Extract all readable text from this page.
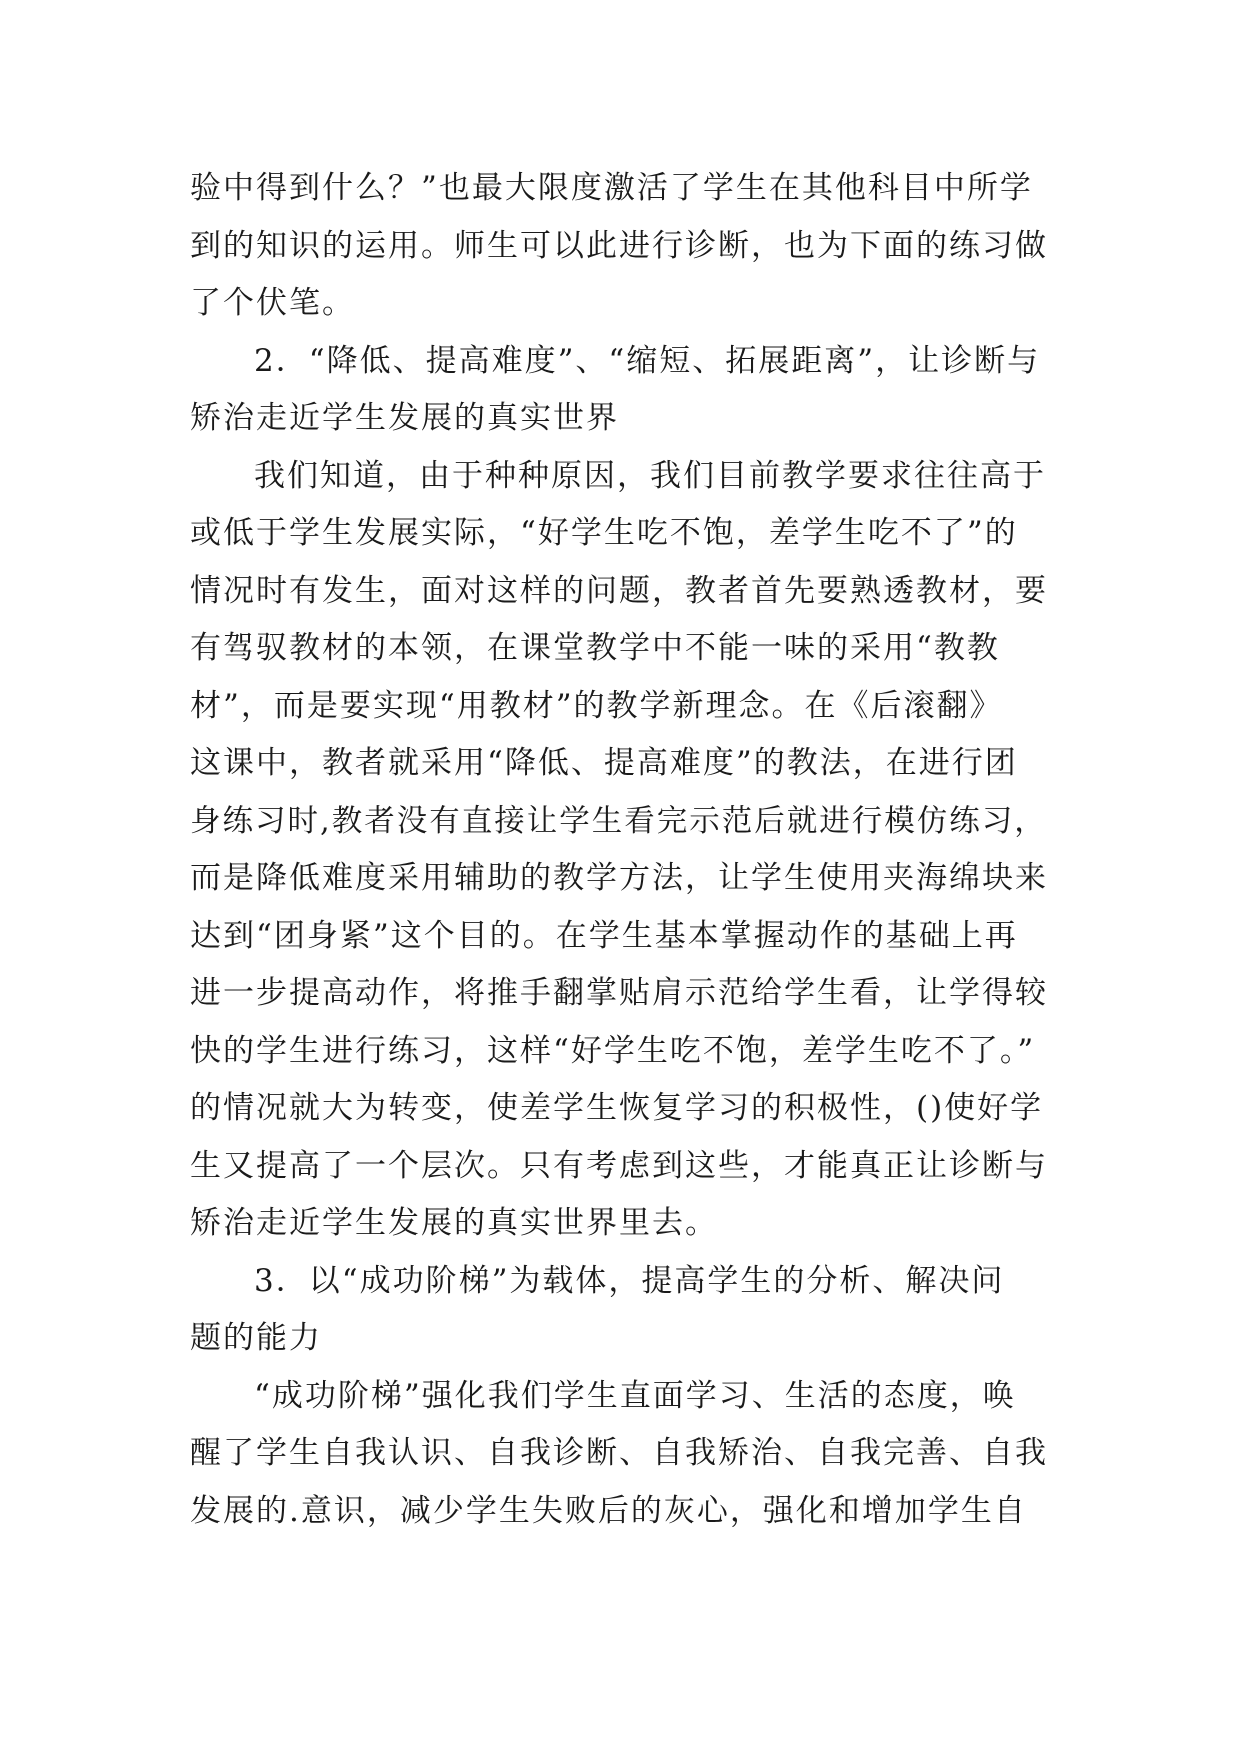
验中得到什么？”也最大限度激活了学生在其他科目中所学
到的知识的运用。师生可以此进行诊断，也为下面的练习做
了个伏笔。
2．“降低、提高难度”、“缩短、拓展距离”，让诊断与
矫治走近学生发展的真实世界
我们知道，由于种种原因，我们目前教学要求往往高于
或低于学生发展实际，“好学生吃不饱，差学生吃不了”的
情况时有发生，面对这样的问题，教者首先要熟透教材，要
有驾驭教材的本领，在课堂教学中不能一味的采用“教教
材”，而是要实现“用教材”的教学新理念。在《后滚翻》
这课中，教者就采用“降低、提高难度”的教法，在进行团
身练习时,教者没有直接让学生看完示范后就进行模仿练习，
而是降低难度采用辅助的教学方法，让学生使用夹海绵块来
达到“团身紧”这个目的。在学生基本掌握动作的基础上再
进一步提高动作，将推手翻掌贴肩示范给学生看，让学得较
快的学生进行练习，这样“好学生吃不饱，差学生吃不了。”
的情况就大为转变，使差学生恢复学习的积极性，()使好学
生又提高了一个层次。只有考虑到这些，才能真正让诊断与
矫治走近学生发展的真实世界里去。
3．以“成功阶梯”为载体，提高学生的分析、解决问
题的能力
“成功阶梯”强化我们学生直面学习、生活的态度，唤
醒了学生自我认识、自我诊断、自我矫治、自我完善、自我
发展的.意识，减少学生失败后的灰心，强化和增加学生自
